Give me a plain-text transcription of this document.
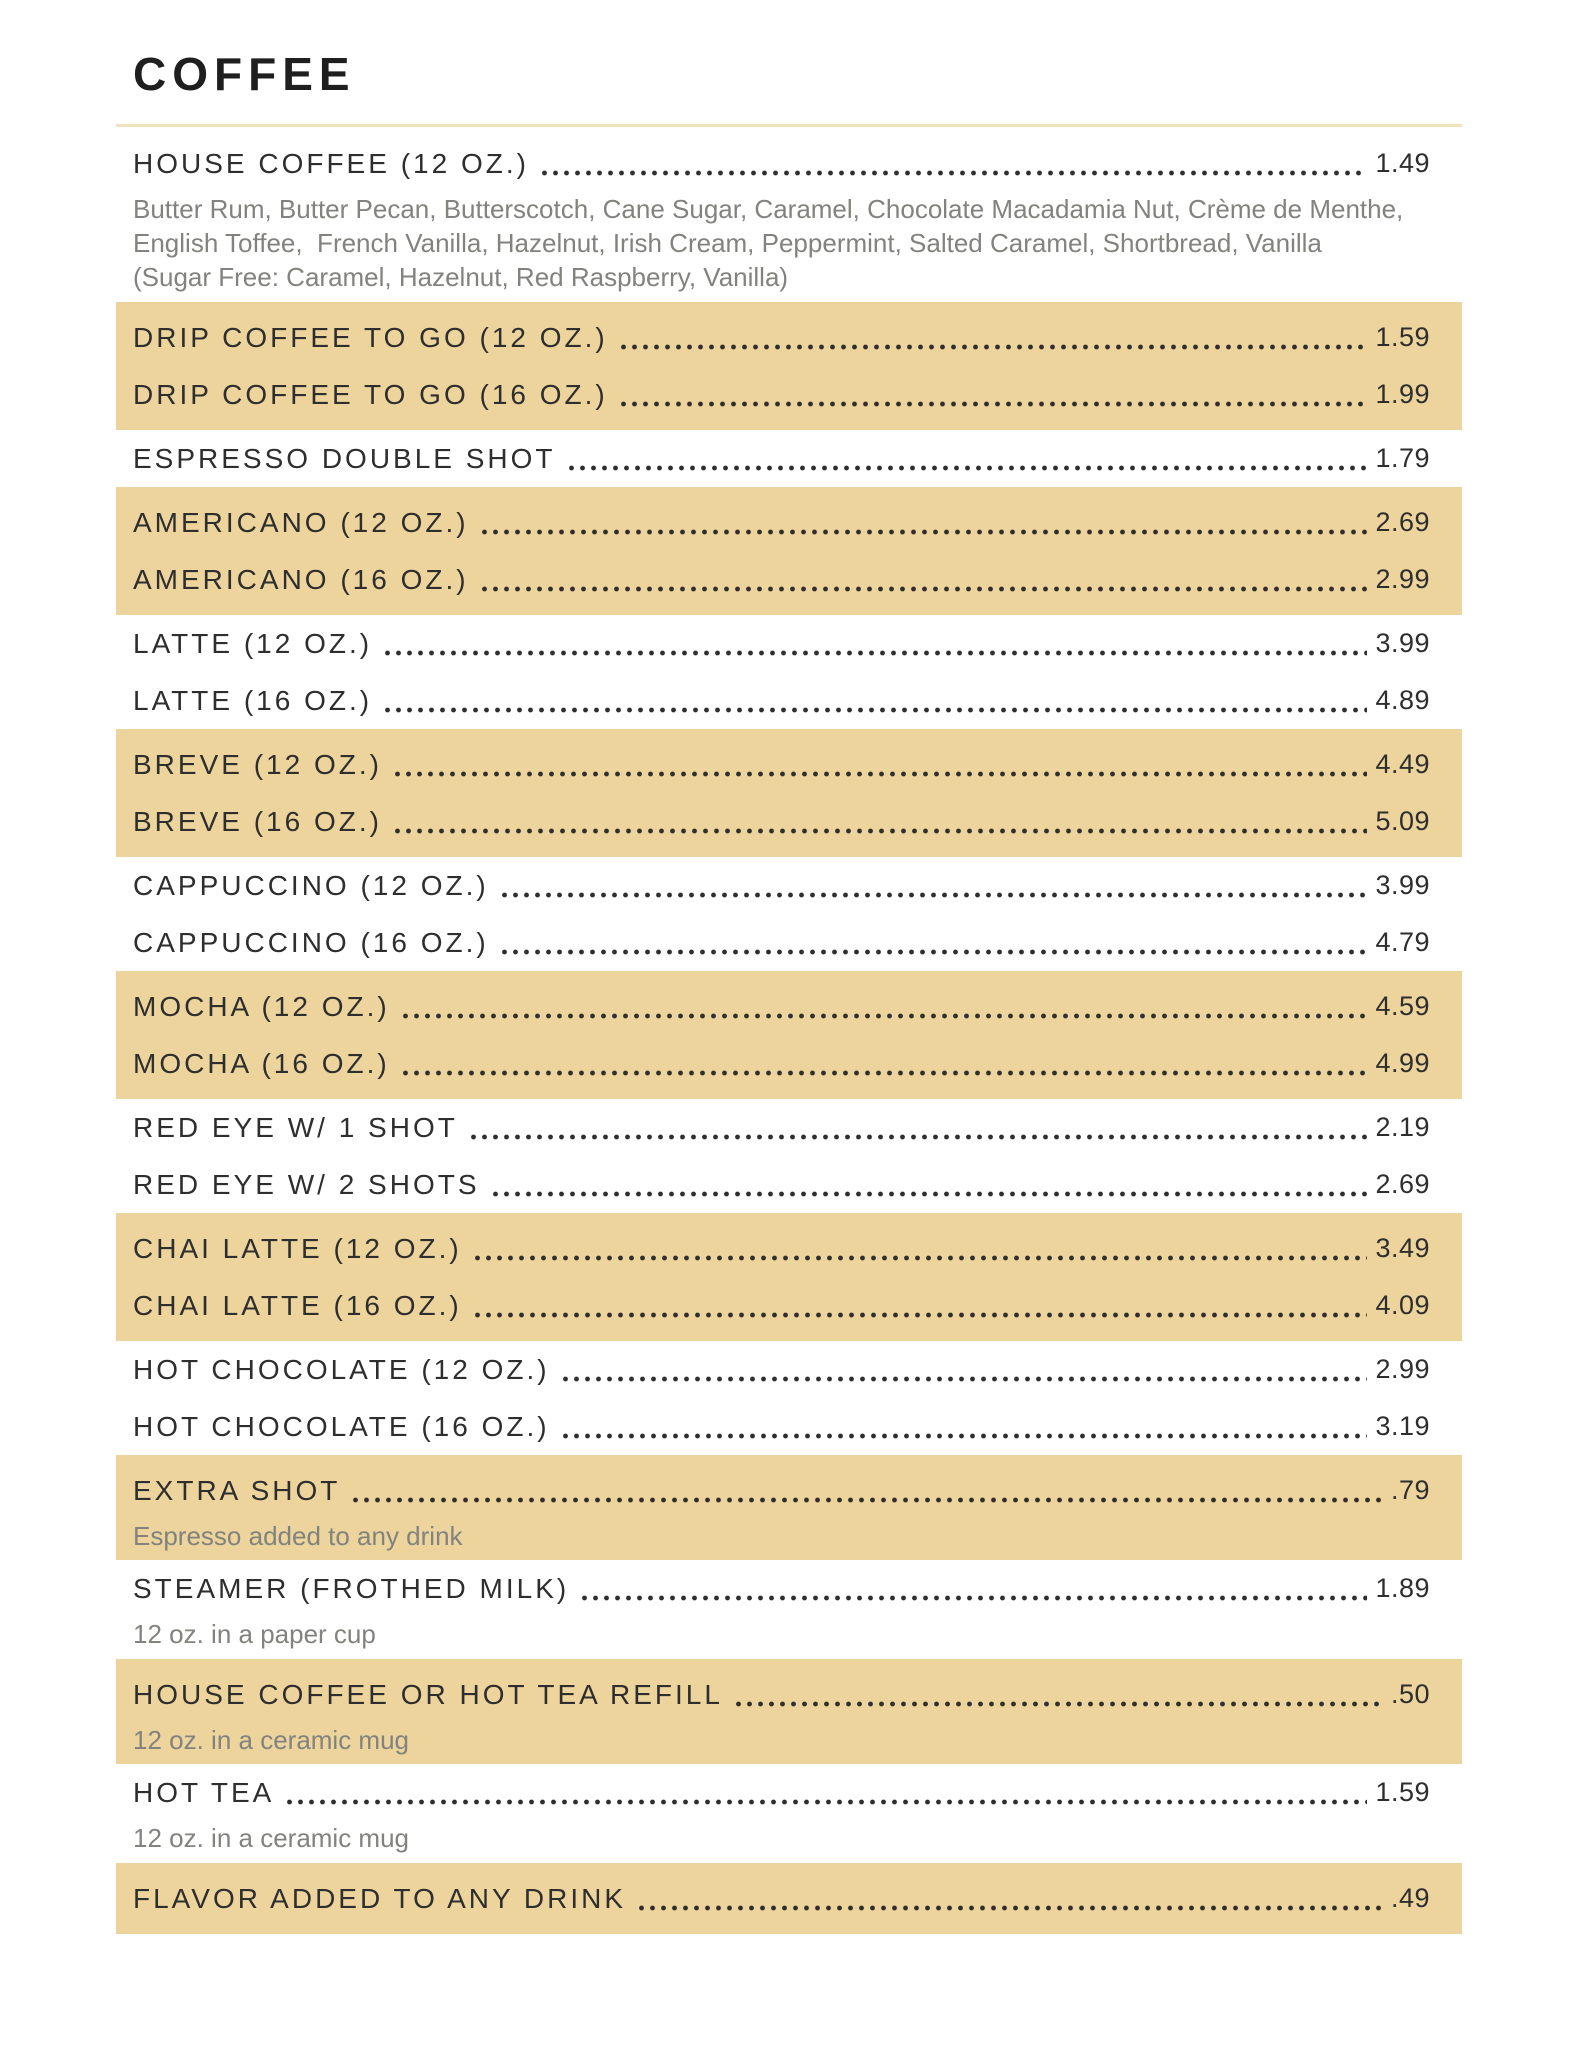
COFFEE
HOUSE COFFEE (12 OZ.)	1.49
Butter Rum, Butter Pecan, Butterscotch, Cane Sugar, Caramel, Chocolate Macadamia Nut, Crème de Menthe,
English Toffee,  French Vanilla, Hazelnut, Irish Cream, Peppermint, Salted Caramel, Shortbread, Vanilla
(Sugar Free: Caramel, Hazelnut, Red Raspberry, Vanilla)
DRIP COFFEE TO GO (12 OZ.)	1.59
DRIP COFFEE TO GO (16 OZ.)	1.99
ESPRESSO DOUBLE SHOT	1.79
AMERICANO (12 OZ.)	2.69
AMERICANO (16 OZ.)	2.99
LATTE (12 OZ.)	3.99
LATTE (16 OZ.)	4.89
BREVE (12 OZ.)	4.49
BREVE (16 OZ.)	5.09
CAPPUCCINO (12 OZ.)	3.99
CAPPUCCINO (16 OZ.)	4.79
MOCHA (12 OZ.)	4.59
MOCHA (16 OZ.)	4.99
RED EYE W/ 1 SHOT	2.19
RED EYE W/ 2 SHOTS	2.69
CHAI LATTE (12 OZ.)	3.49
CHAI LATTE (16 OZ.)	4.09
HOT CHOCOLATE (12 OZ.)	2.99
HOT CHOCOLATE (16 OZ.)	3.19
EXTRA SHOT	.79
Espresso added to any drink
STEAMER (FROTHED MILK)	1.89
12 oz. in a paper cup
HOUSE COFFEE OR HOT TEA REFILL	.50
12 oz. in a ceramic mug
HOT TEA	1.59
12 oz. in a ceramic mug
FLAVOR ADDED TO ANY DRINK	.49
